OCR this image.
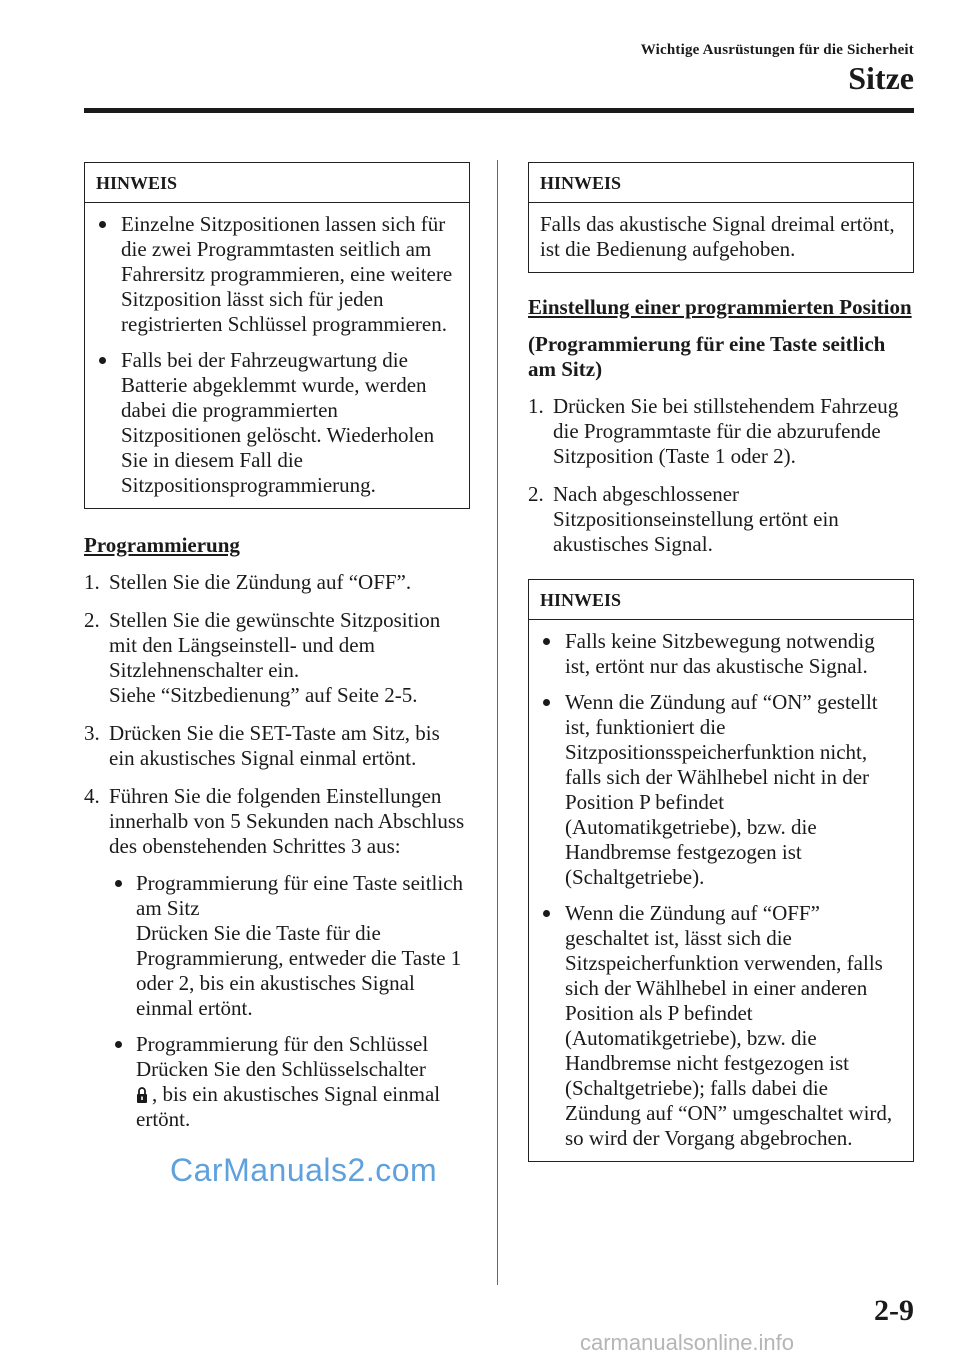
Wichtige Ausrüstungen für die Sicherheit
Sitze
HINWEIS
Einzelne Sitzpositionen lassen sich für die zwei Programmtasten seitlich am Fahrersitz programmieren, eine weitere Sitzposition lässt sich für jeden registrierten Schlüssel programmieren.
Falls bei der Fahrzeugwartung die Batterie abgeklemmt wurde, werden dabei die programmierten Sitzpositionen gelöscht. Wiederholen Sie in diesem Fall die Sitzpositionsprogrammierung.

Programmierung

1. Stellen Sie die Zündung auf “OFF”.
2. Stellen Sie die gewünschte Sitzposition mit den Längseinstell- und dem Sitzlehnenschalter ein.
Siehe “Sitzbedienung” auf Seite 2-5.
3. Drücken Sie die SET-Taste am Sitz, bis ein akustisches Signal einmal ertönt.
4. Führen Sie die folgenden Einstellungen innerhalb von 5 Sekunden nach Abschluss des obenstehenden Schrittes 3 aus:
Programmierung für eine Taste seitlich am Sitz
Drücken Sie die Taste für die Programmierung, entweder die Taste 1 oder 2, bis ein akustisches Signal einmal ertönt.
Programmierung für den Schlüssel
Drücken Sie den Schlüsselschalter
, bis ein akustisches Signal einmal ertönt.
HINWEIS

Falls das akustische Signal dreimal ertönt, ist die Bedienung aufgehoben.

Einstellung einer programmierten Position

(Programmierung für eine Taste seitlich am Sitz)

1. Drücken Sie bei stillstehendem Fahrzeug die Programmtaste für die abzurufende Sitzposition (Taste 1 oder 2).
2. Nach abgeschlossener Sitzpositionseinstellung ertönt ein akustisches Signal.
HINWEIS
Falls keine Sitzbewegung notwendig ist, ertönt nur das akustische Signal.
Wenn die Zündung auf “ON” gestellt ist, funktioniert die Sitzpositionsspeicherfunktion nicht, falls sich der Wählhebel nicht in der Position P befindet (Automatikgetriebe), bzw. die Handbremse festgezogen ist (Schaltgetriebe).
Wenn die Zündung auf “OFF” geschaltet ist, lässt sich die Sitzspeicherfunktion verwenden, falls sich der Wählhebel in einer anderen Position als P befindet (Automatikgetriebe), bzw. die Handbremse nicht festgezogen ist (Schaltgetriebe); falls dabei die Zündung auf “ON” umgeschaltet wird, so wird der Vorgang abgebrochen.
2-9
CarManuals2.com
carmanualsonline.info
